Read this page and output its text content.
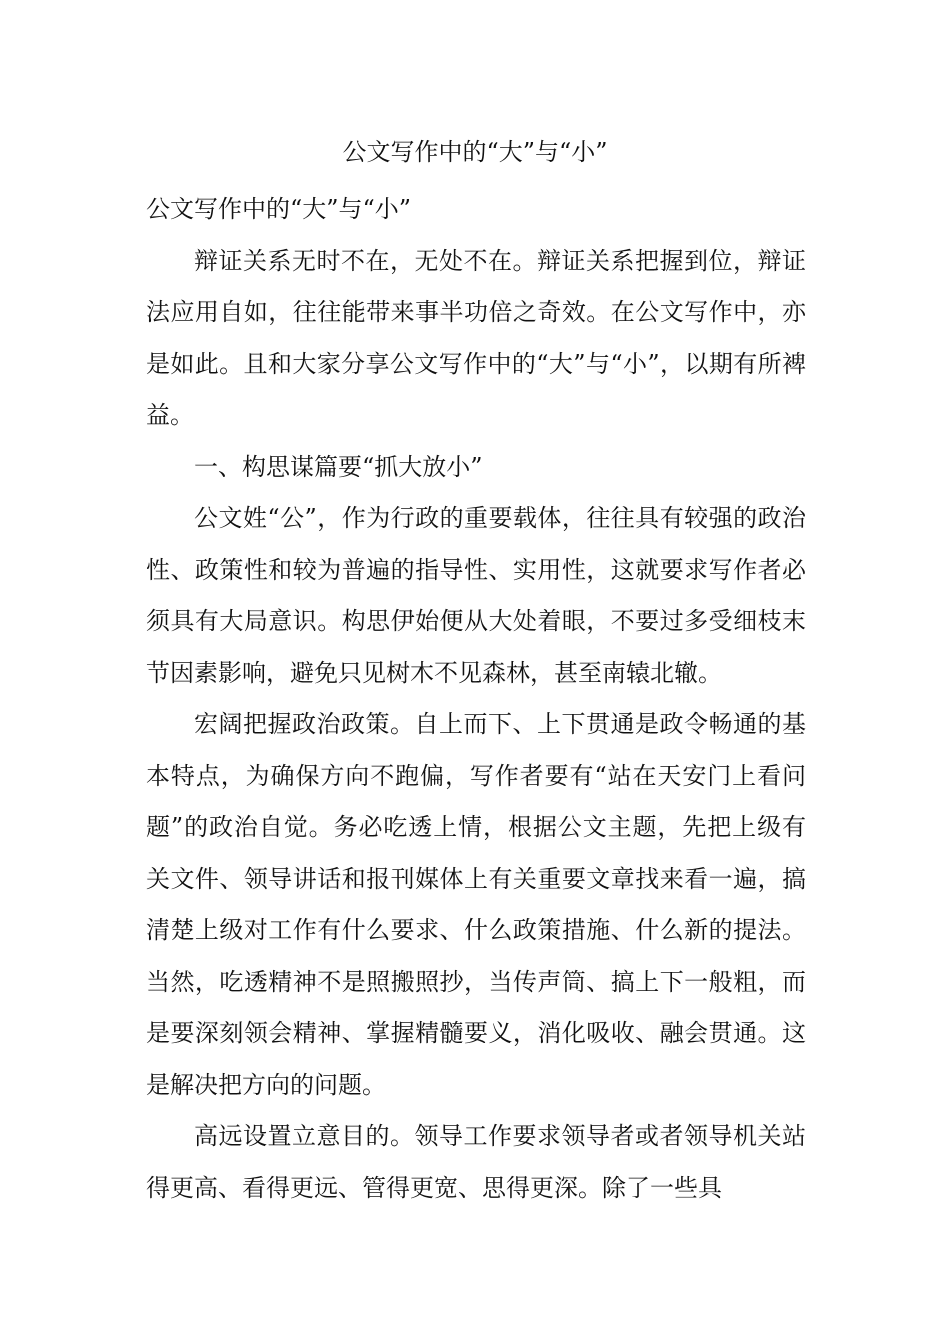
公文写作中的“大”与“小”

公文写作中的“大”与“小”

辩证关系无时不在，无处不在。辩证关系把握到位，辩证法应用自如，往往能带来事半功倍之奇效。在公文写作中，亦是如此。且和大家分享公文写作中的“大”与“小”，以期有所裨益。

一、构思谋篇要“抓大放小”

公文姓“公”，作为行政的重要载体，往往具有较强的政治性、政策性和较为普遍的指导性、实用性，这就要求写作者必须具有大局意识。构思伊始便从大处着眼，不要过多受细枝末节因素影响，避免只见树木不见森林，甚至南辕北辙。

宏阔把握政治政策。自上而下、上下贯通是政令畅通的基本特点，为确保方向不跑偏，写作者要有“站在天安门上看问题”的政治自觉。务必吃透上情，根据公文主题，先把上级有关文件、领导讲话和报刊媒体上有关重要文章找来看一遍，搞清楚上级对工作有什么要求、什么政策措施、什么新的提法。当然，吃透精神不是照搬照抄，当传声筒、搞上下一般粗，而是要深刻领会精神、掌握精髓要义，消化吸收、融会贯通。这是解决把方向的问题。

高远设置立意目的。领导工作要求领导者或者领导机关站得更高、看得更远、管得更宽、思得更深。除了一些具
